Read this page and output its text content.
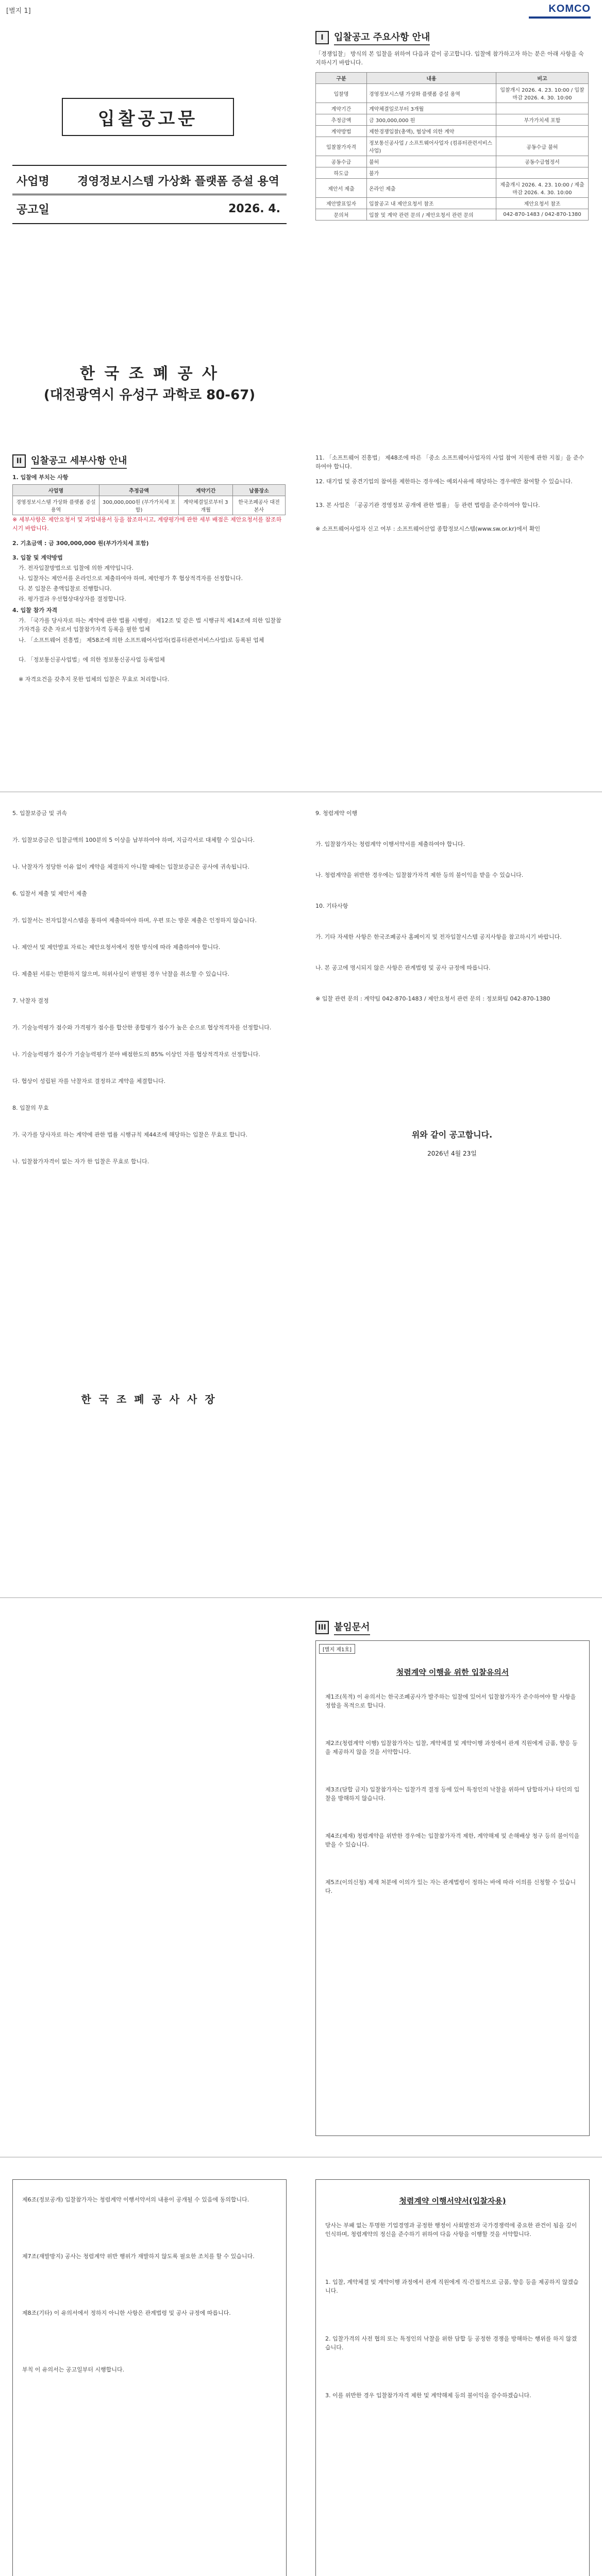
[별지 1]	KOMCO
입찰공고문
사업명	경영정보시스템 가상화 플랫폼 증설 용역
공고일	2026. 4.
한 국 조 폐 공 사
(대전광역시 유성구 과학로 80-67)
I	입찰공고 주요사항 안내
「경쟁입찰」 방식의 본 입찰을 위하여 다음과 같이 공고합니다. 입찰에 참가하고자 하는 분은 아래 사항을 숙지하시기 바랍니다.
구분	내용	비고
입찰명	경영정보시스템 가상화 플랫폼 증설 용역	입찰개시 2026. 4. 23. 10:00 / 입찰마감 2026. 4. 30. 10:00
계약기간	계약체결일로부터 3개월	
추정금액	금 300,000,000 원	부가가치세 포함
계약방법	제한경쟁입찰(총액), 협상에 의한 계약	
입찰참가자격	정보통신공사업 / 소프트웨어사업자 (컴퓨터관련서비스사업)	공동수급 불허
공동수급	불허	공동수급협정서
하도급	불가	
제안서 제출	온라인 제출	제출개시 2026. 4. 23. 10:00 / 제출마감 2026. 4. 30. 10:00
제안발표일자	입찰공고 내 제안요청서 참조	제안요청서 참조
문의처	입찰 및 계약 관련 문의 / 제안요청서 관련 문의	042-870-1483 / 042-870-1380
II 입찰공고 세부사항 안내
1. 입찰에 부치는 사항
사업명	추정금액	계약기간	납품장소
경영정보시스템 가상화 플랫폼 증설 용역	300,000,000원 (부가가치세 포함)	계약체결일로부터 3개월	한국조폐공사 대전 본사
※ 세부사항은 제안요청서 및 과업내용서 등을 참조하시고, 계량평가에 관한 세부 배점은 제안요청서를 참조하시기 바랍니다.
2. 기초금액 : 금 300,000,000 원(부가가치세 포함)
3. 입찰 및 계약방법
가. 전자입찰방법으로 입찰에 의한 계약입니다.
나. 입찰자는 제안서를 온라인으로 제출하여야 하며, 제안평가 후 협상적격자를 선정합니다.
다. 본 입찰은 총액입찰로 진행합니다.
라. 평가결과 우선협상대상자를 결정합니다.
4. 입찰 참가 자격
가. 「국가를 당사자로 하는 계약에 관한 법률 시행령」 제12조 및 같은 법 시행규칙 제14조에 의한 입찰참가자격을 갖춘 자로서 입찰참가자격 등록을 필한 업체
나. 「소프트웨어 진흥법」 제58조에 의한 소프트웨어사업자(컴퓨터관련서비스사업)로 등록된 업체
다. 「정보통신공사업법」에 의한 정보통신공사업 등록업체
※ 자격요건을 갖추지 못한 업체의 입찰은 무효로 처리합니다.
11. 「소프트웨어 진흥법」 제48조에 따른 「중소 소프트웨어사업자의 사업 참여 지원에 관한 지침」을 준수하여야 합니다.
12. 대기업 및 중견기업의 참여를 제한하는 경우에는 예외사유에 해당하는 경우에만 참여할 수 있습니다.
13. 본 사업은 「공공기관 경영정보 공개에 관한 법률」 등 관련 법령을 준수하여야 합니다.
※ 소프트웨어사업자 신고 여부 : 소프트웨어산업 종합정보시스템(www.sw.or.kr)에서 확인
5. 입찰보증금 및 귀속
가. 입찰보증금은 입찰금액의 100분의 5 이상을 납부하여야 하며, 지급각서로 대체할 수 있습니다.
나. 낙찰자가 정당한 이유 없이 계약을 체결하지 아니할 때에는 입찰보증금은 공사에 귀속됩니다.
6. 입찰서 제출 및 제안서 제출
가. 입찰서는 전자입찰시스템을 통하여 제출하여야 하며, 우편 또는 방문 제출은 인정하지 않습니다.
나. 제안서 및 제안발표 자료는 제안요청서에서 정한 방식에 따라 제출하여야 합니다.
다. 제출된 서류는 반환하지 않으며, 허위사실이 판명된 경우 낙찰을 취소할 수 있습니다.
7. 낙찰자 결정
가. 기술능력평가 점수와 가격평가 점수를 합산한 종합평가 점수가 높은 순으로 협상적격자를 선정합니다.
나. 기술능력평가 점수가 기술능력평가 분야 배점한도의 85% 이상인 자를 협상적격자로 선정합니다.
다. 협상이 성립된 자를 낙찰자로 결정하고 계약을 체결합니다.
8. 입찰의 무효
가. 국가를 당사자로 하는 계약에 관한 법률 시행규칙 제44조에 해당하는 입찰은 무효로 합니다.
나. 입찰참가자격이 없는 자가 한 입찰은 무효로 합니다.
9. 청렴계약 이행
가. 입찰참가자는 청렴계약 이행서약서를 제출하여야 합니다.
나. 청렴계약을 위반한 경우에는 입찰참가자격 제한 등의 불이익을 받을 수 있습니다.
10. 기타사항
가. 기타 자세한 사항은 한국조폐공사 홈페이지 및 전자입찰시스템 공지사항을 참고하시기 바랍니다.
나. 본 공고에 명시되지 않은 사항은 관계법령 및 공사 규정에 따릅니다.
※ 입찰 관련 문의 : 계약팀 042-870-1483 / 제안요청서 관련 문의 : 정보화팀 042-870-1380
위와 같이 공고합니다.
2026년 4월 23일
한 국 조 폐 공 사 사 장
III 붙임문서
[별지 제1호]
청렴계약 이행을 위한 입찰유의서
제1조(목적) 이 유의서는 한국조폐공사가 발주하는 입찰에 있어서 입찰참가자가 준수하여야 할 사항을 정함을 목적으로 합니다.
제2조(청렴계약 이행) 입찰참가자는 입찰, 계약체결 및 계약이행 과정에서 관계 직원에게 금품, 향응 등을 제공하지 않을 것을 서약합니다.
제3조(담합 금지) 입찰참가자는 입찰가격 결정 등에 있어 특정인의 낙찰을 위하여 담합하거나 타인의 입찰을 방해하지 않습니다.
제4조(제재) 청렴계약을 위반한 경우에는 입찰참가자격 제한, 계약해제 및 손해배상 청구 등의 불이익을 받을 수 있습니다.
제5조(이의신청) 제재 처분에 이의가 있는 자는 관계법령이 정하는 바에 따라 이의를 신청할 수 있습니다.
제6조(정보공개) 입찰참가자는 청렴계약 이행서약서의 내용이 공개될 수 있음에 동의합니다.
제7조(재발방지) 공사는 청렴계약 위반 행위가 재발하지 않도록 필요한 조치를 할 수 있습니다.
제8조(기타) 이 유의서에서 정하지 아니한 사항은 관계법령 및 공사 규정에 따릅니다.
부칙 이 유의서는 공고일부터 시행합니다.
청렴계약 이행서약서(입찰자용)
당사는 부패 없는 투명한 기업경영과 공정한 행정이 사회발전과 국가경쟁력에 중요한 관건이 됨을 깊이 인식하며, 청렴계약의 정신을 준수하기 위하여 다음 사항을 이행할 것을 서약합니다.
1. 입찰, 계약체결 및 계약이행 과정에서 관계 직원에게 직·간접적으로 금품, 향응 등을 제공하지 않겠습니다.
2. 입찰가격의 사전 협의 또는 특정인의 낙찰을 위한 담합 등 공정한 경쟁을 방해하는 행위를 하지 않겠습니다.
3. 이를 위반한 경우 입찰참가자격 제한 및 계약해제 등의 불이익을 감수하겠습니다.
